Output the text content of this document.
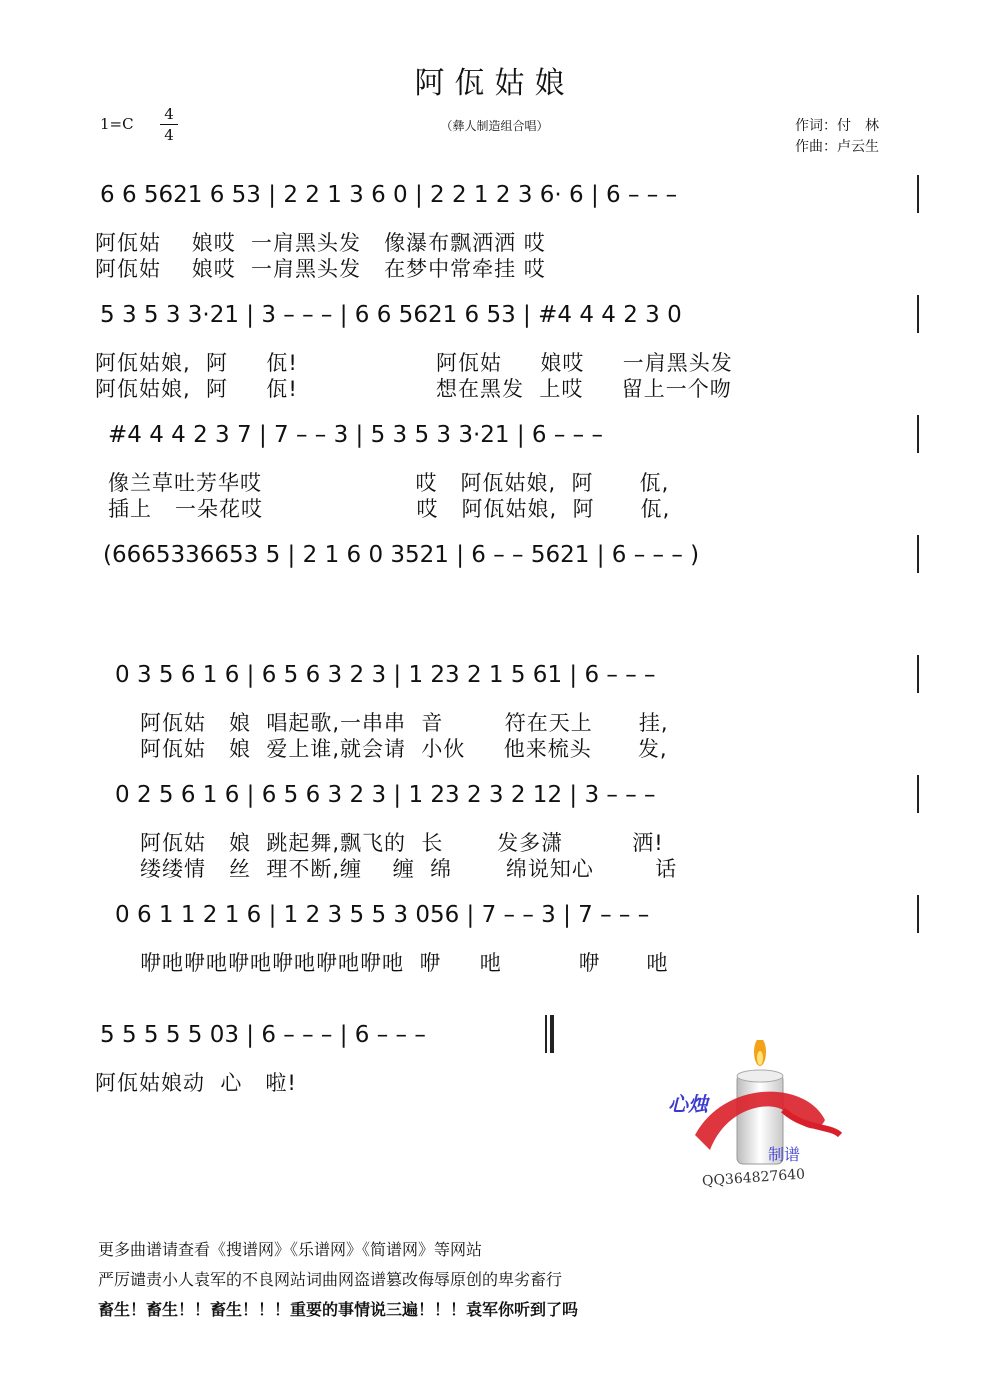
阿佤姑娘
1=C
4
4	（彝人制造组合唱）	作词：付　林
作曲：卢云生
6 6 5621 6 53 | 2 2 1 3 6 0 | 2 2 1 2 3 6· 6 | 6 – – –
阿佤姑    娘哎  一肩黑头发   像瀑布飘洒洒 哎
阿佤姑    娘哎  一肩黑头发   在梦中常牵挂 哎
5 3 5 3 3·21 | 3 – – – | 6 6 5621 6 53 | #4 4 4 2 3 0
阿佤姑娘,  阿     佤!                  阿佤姑     娘哎     一肩黑头发
阿佤姑娘,  阿     佤!                  想在黑发  上哎     留上一个吻
#4 4 4 2 3 7 | 7 – – 3 | 5 3 5 3 3·21 | 6 – – –
像兰草吐芳华哎                    哎   阿佤姑娘,  阿      佤,
插上   一朵花哎                    哎   阿佤姑娘,  阿      佤,
(6665336653 5 | 2 1 6 0 3521 | 6 – – 5621 | 6 – – – )
0 3 5 6 1 6 | 6 5 6 3 2 3 | 1 23 2 1 5 61 | 6 – – –
阿佤姑   娘  唱起歌,一串串  音        符在天上      挂,
阿佤姑   娘  爱上谁,就会请  小伙     他来梳头      发,
0 2 5 6 1 6 | 6 5 6 3 2 3 | 1 23 2 3 2 12 | 3 – – –
阿佤姑   娘  跳起舞,飘飞的  长       发多潇         洒!
缕缕情   丝  理不断,缠    缠  绵       绵说知心        话
0 6 1 1 2 1 6 | 1 2 3 5 5 3 056 | 7 – – 3 | 7 – – –
咿吔咿吔咿吔咿吔咿吔咿吔  咿     吔          咿      吔
5 5 5 5 5 03 | 6 – – – | 6 – – –
阿佤姑娘动  心   啦!
心烛
制谱
QQ364827640
更多曲谱请查看《搜谱网》《乐谱网》《简谱网》等网站
严厉谴责小人袁军的不良网站词曲网盗谱篡改侮辱原创的卑劣畜行
畜生！畜生！！畜生！！！重要的事情说三遍！！！袁军你听到了吗
